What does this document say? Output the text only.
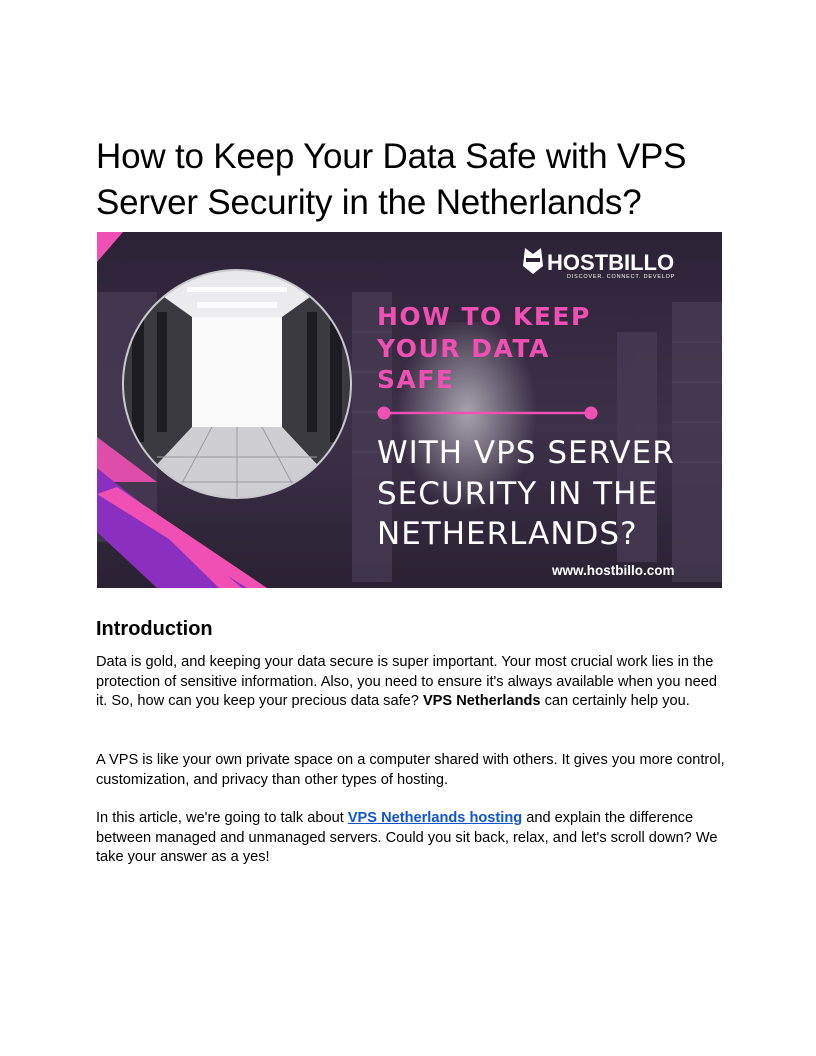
How to Keep Your Data Safe with VPS
Server Security in the Netherlands?
HOSTBILLO
DISCOVER. CONNECT. DEVELOP
HOW TO KEEP
YOUR DATA
SAFE
WITH VPS SERVER
SECURITY IN THE
NETHERLANDS?
www.hostbillo.com
Introduction

Data is gold, and keeping your data secure is super important. Your most crucial work lies in the protection of sensitive information. Also, you need to ensure it's always available when you need it. So, how can you keep your precious data safe? VPS Netherlands can certainly help you.

A VPS is like your own private space on a computer shared with others. It gives you more control, customization, and privacy than other types of hosting.

In this article, we're going to talk about VPS Netherlands hosting and explain the difference between managed and unmanaged servers. Could you sit back, relax, and let's scroll down? We take your answer as a yes!
